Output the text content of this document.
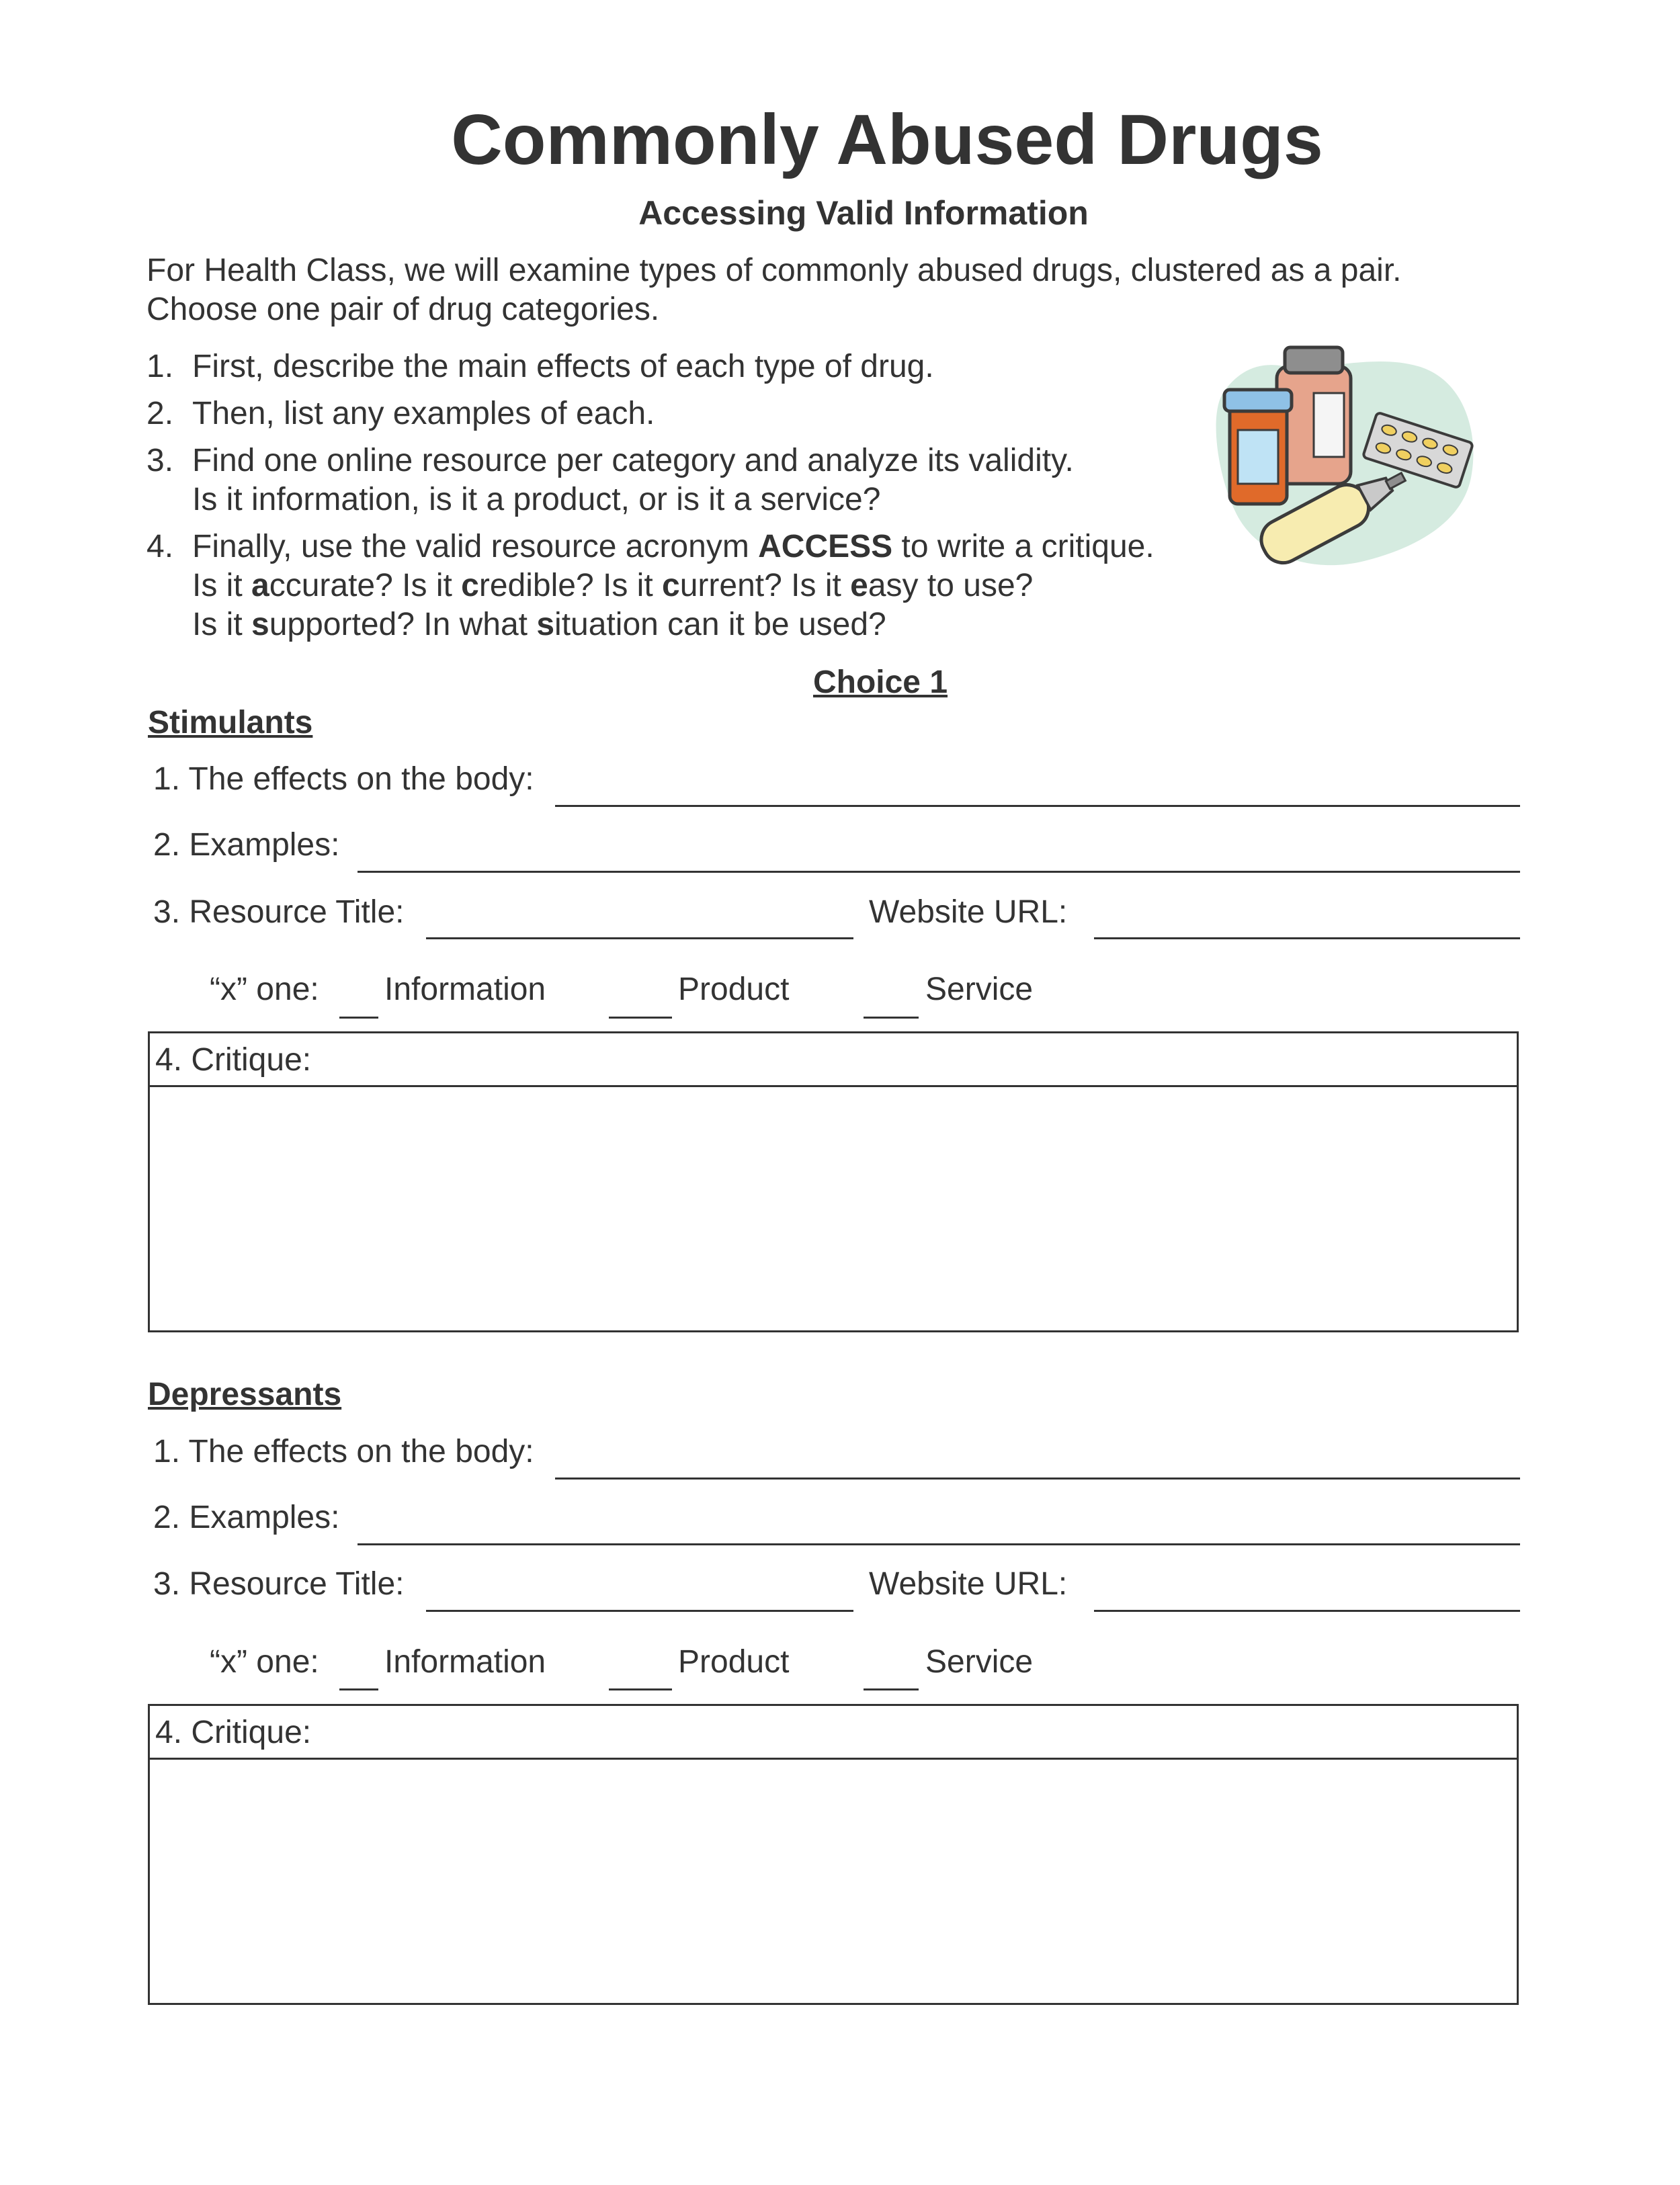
Commonly Abused Drugs
Accessing Valid Information
For Health Class, we will examine types of commonly abused drugs, clustered as a pair.
Choose one pair of drug categories.
1. First, describe the main effects of each type of drug.
2. Then, list any examples of each.
3. Find one online resource per category and analyze its validity.
Is it information, is it a product, or is it a service?
4. Finally, use the valid resource acronym ACCESS to write a critique.
Is it accurate? Is it credible? Is it current? Is it easy to use?
Is it supported? In what situation can it be used?
Choice 1
Stimulants
1. The effects on the body:
2. Examples:
3. Resource Title:	Website URL:
“x” one: Information	Product	Service
4. Critique:
Depressants
1. The effects on the body:
2. Examples:
3. Resource Title:	Website URL:
“x” one: Information	Product	Service
4. Critique:
